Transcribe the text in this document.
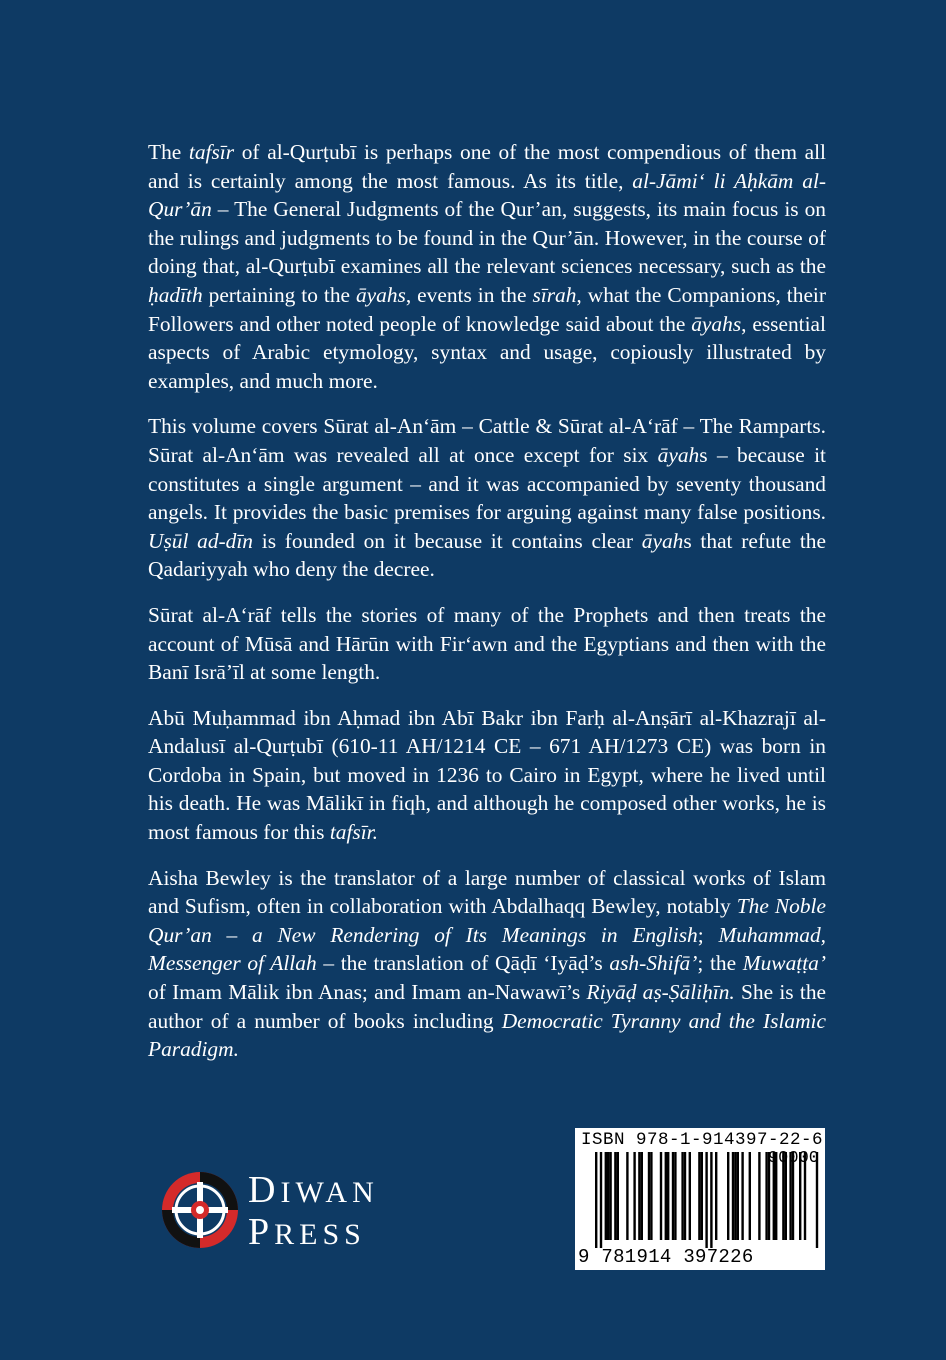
The tafsīr of al-Qurṭubī is perhaps one of the most compendious of them all and is certainly among the most famous. As its title, al-Jāmi‘ li Aḥkām al-Qur’ān – The General Judgments of the Qur’an, suggests, its main focus is on the rulings and judgments to be found in the Qur’ān. However, in the course of doing that, al-Qurṭubī examines all the relevant sciences necessary, such as the ḥadīth pertaining to the āyahs, events in the sīrah, what the Companions, their Followers and other noted people of knowledge said about the āyahs, essential aspects of Arabic etymology, syntax and usage, copiously illustrated by examples, and much more.

This volume covers Sūrat al-An‘ām – Cattle & Sūrat al-A‘rāf – The Ramparts. Sūrat al-An‘ām was revealed all at once except for six āyahs – because it constitutes a single argument – and it was accompanied by seventy thousand angels. It provides the basic premises for arguing against many false positions. Uṣūl ad-dīn is founded on it because it contains clear āyahs that refute the Qadariyyah who deny the decree.

Sūrat al-A‘rāf tells the stories of many of the Prophets and then treats the account of Mūsā and Hārūn with Fir‘awn and the Egyptians and then with the Banī Isrā’īl at some length.

Abū Muḥammad ibn Aḥmad ibn Abī Bakr ibn Farḥ al-Anṣārī al-Khazrajī al-Andalusī al-Qurṭubī (610-11 AH/1214 CE – 671 AH/1273 CE) was born in Cordoba in Spain, but moved in 1236 to Cairo in Egypt, where he lived until his death. He was Mālikī in fiqh, and although he composed other works, he is most famous for this tafsīr.

Aisha Bewley is the translator of a large number of classical works of Islam and Sufism, often in collaboration with Abdalhaqq Bewley, notably The Noble Qur’an – a New Rendering of Its Meanings in English; Muhammad, Messenger of Allah – the translation of Qāḍī ‘Iyāḍ’s ash-Shifā’; the Muwaṭṭa’ of Imam Mālik ibn Anas; and Imam an-Nawawī’s Riyāḍ aṣ-Ṣāliḥīn. She is the author of a number of books including Democratic Tyranny and the Islamic Paradigm.

DIWAN
PRESS
ISBN 978-1-914397-22-6
9 781914 397226
